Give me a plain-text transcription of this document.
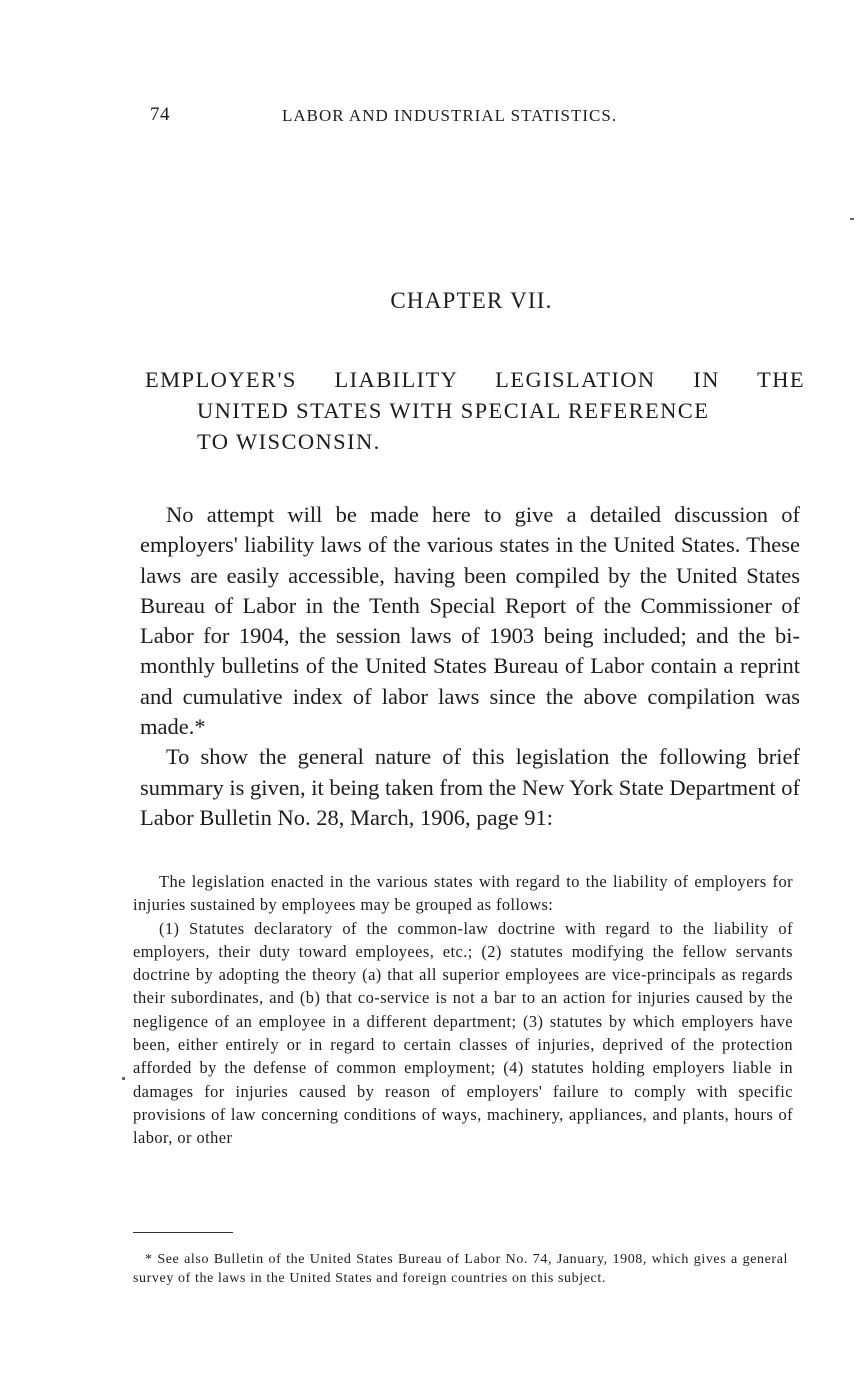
74	LABOR AND INDUSTRIAL STATISTICS.
CHAPTER VII.
EMPLOYER'S LIABILITY LEGISLATION IN THE
UNITED STATES WITH SPECIAL REFERENCE
TO WISCONSIN.

No attempt will be made here to give a detailed discussion of employers' liability laws of the various states in the United States. These laws are easily accessible, having been compiled by the United States Bureau of Labor in the Tenth Special Report of the Commissioner of Labor for 1904, the session laws of 1903 being included; and the bi-monthly bulletins of the United States Bureau of Labor contain a reprint and cumulative index of labor laws since the above compilation was made.*

To show the general nature of this legislation the following brief summary is given, it being taken from the New York State Department of Labor Bulletin No. 28, March, 1906, page 91:

The legislation enacted in the various states with regard to the liability of employers for injuries sustained by employees may be grouped as follows:

(1) Statutes declaratory of the common-law doctrine with regard to the liability of employers, their duty toward employees, etc.; (2) statutes modifying the fellow servants doctrine by adopting the theory (a) that all superior employees are vice-principals as regards their subordinates, and (b) that co-service is not a bar to an action for injuries caused by the negligence of an employee in a different department; (3) statutes by which employers have been, either entirely or in regard to certain classes of injuries, deprived of the protection afforded by the defense of common employment; (4) statutes holding employers liable in damages for injuries caused by reason of employers' failure to comply with specific provisions of law concerning conditions of ways, machinery, appliances, and plants, hours of labor, or other

* See also Bulletin of the United States Bureau of Labor No. 74, January, 1908, which gives a general survey of the laws in the United States and foreign countries on this subject.
